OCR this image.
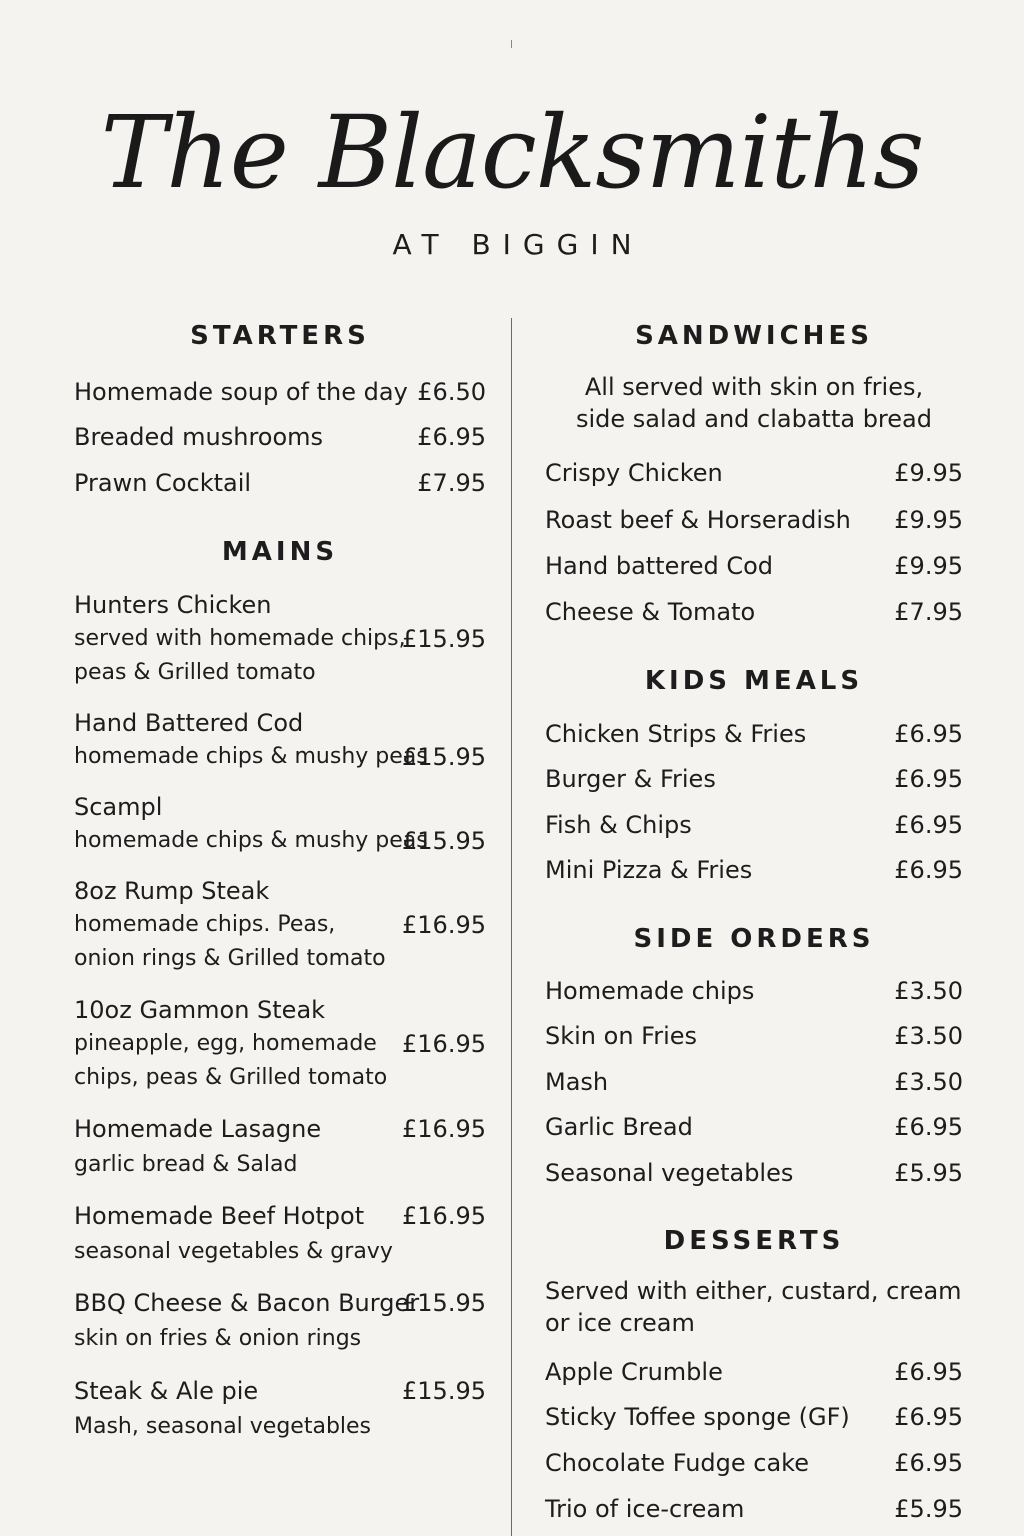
The Blacksmiths
AT BIGGIN
STARTERS
Homemade soup of the day £6.50
Breaded mushrooms	£6.95
Prawn Cocktail	£7.95
MAINS
Hunters Chicken
served with homemade chips,
peas & Grilled tomato
£15.95
Hand Battered Cod
homemade chips & mushy peas
£15.95
Scampl
homemade chips & mushy peas
£15.95
8oz Rump Steak
homemade chips. Peas,
onion rings & Grilled tomato
£16.95
10oz Gammon Steak
pineapple, egg, homemade
chips, peas & Grilled tomato
£16.95
Homemade Lasagne
garlic bread & Salad
£16.95
Homemade Beef Hotpot
seasonal vegetables & gravy
£16.95
BBQ Cheese & Bacon Burger
skin on fries & onion rings
£15.95
Steak & Ale pie
Mash, seasonal vegetables
£15.95
SANDWICHES
All served with skin on fries,
side salad and clabatta bread
Crispy Chicken	£9.95
Roast beef & Horseradish	£9.95
Hand battered Cod	£9.95
Cheese & Tomato	£7.95
KIDS MEALS
Chicken Strips & Fries	£6.95
Burger & Fries	£6.95
Fish & Chips	£6.95
Mini Pizza & Fries	£6.95
SIDE ORDERS
Homemade chips	£3.50
Skin on Fries	£3.50
Mash	£3.50
Garlic Bread	£6.95
Seasonal vegetables	£5.95
DESSERTS
Served with either, custard, cream
or ice cream
Apple Crumble	£6.95
Sticky Toffee sponge (GF)	£6.95
Chocolate Fudge cake	£6.95
Trio of ice-cream	£5.95
